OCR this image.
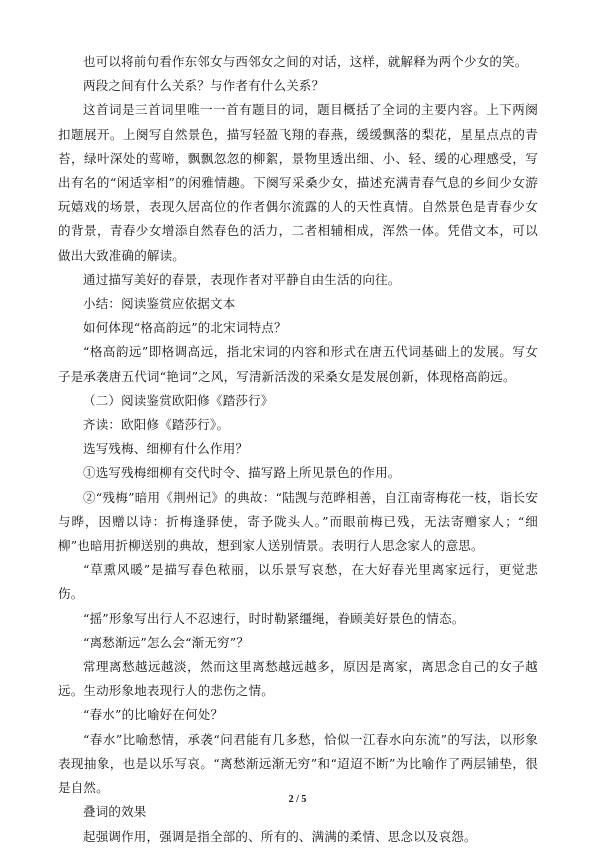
也可以将前句看作东邻女与西邻女之间的对话，这样，就解释为两个少女的笑。

两段之间有什么关系？与作者有什么关系？

这首词是三首词里唯一一首有题目的词，题目概括了全词的主要内容。上下两阕扣题展开。上阕写自然景色，描写轻盈飞翔的春燕，缓缓飘落的梨花，星星点点的青苔，绿叶深处的莺啼，飘飘忽忽的柳絮，景物里透出细、小、轻、缓的心理感受，写出有名的“闲适宰相”的闲雅情趣。下阕写采桑少女，描述充满青春气息的乡间少女游玩嬉戏的场景，表现久居高位的作者偶尔流露的人的天性真情。自然景色是青春少女的背景，青春少女增添自然春色的活力，二者相辅相成，浑然一体。凭借文本，可以做出大致准确的解读。

通过描写美好的春景，表现作者对平静自由生活的向往。

小结：阅读鉴赏应依据文本

如何体现“格高韵远”的北宋词特点？

“格高韵远”即格调高远，指北宋词的内容和形式在唐五代词基础上的发展。写女子是承袭唐五代词“艳词”之风，写清新活泼的采桑女是发展创新，体现格高韵远。

（二）阅读鉴赏欧阳修《踏莎行》

齐读：欧阳修《踏莎行》。

选写残梅、细柳有什么作用？

①选写残梅细柳有交代时令、描写路上所见景色的作用。

②“残梅”暗用《荆州记》的典故：“陆觊与范晔相善，自江南寄梅花一枝，诣长安与晔，因赠以诗：折梅逢驿使，寄予陇头人。”而眼前梅已残，无法寄赠家人；“细柳”也暗用折柳送别的典故，想到家人送别情景。表明行人思念家人的意思。

“草熏风暖”是描写春色秾丽，以乐景写哀愁，在大好春光里离家远行，更觉悲伤。

“摇”形象写出行人不忍速行，时时勒紧缰绳，眷顾美好景色的情态。

“离愁渐远”怎么会“渐无穷”？

常理离愁越远越淡，然而这里离愁越远越多，原因是离家，离思念自己的女子越远。生动形象地表现行人的悲伤之情。

“春水”的比喻好在何处？

“春水”比喻愁情，承袭“问君能有几多愁，恰似一江春水向东流”的写法，以形象表现抽象，也是以乐写哀。“离愁渐远渐无穷”和“迢迢不断”为比喻作了两层铺垫，很是自然。

叠词的效果

起强调作用，强调是指全部的、所有的、满满的柔情、思念以及哀怨。

2 / 5
